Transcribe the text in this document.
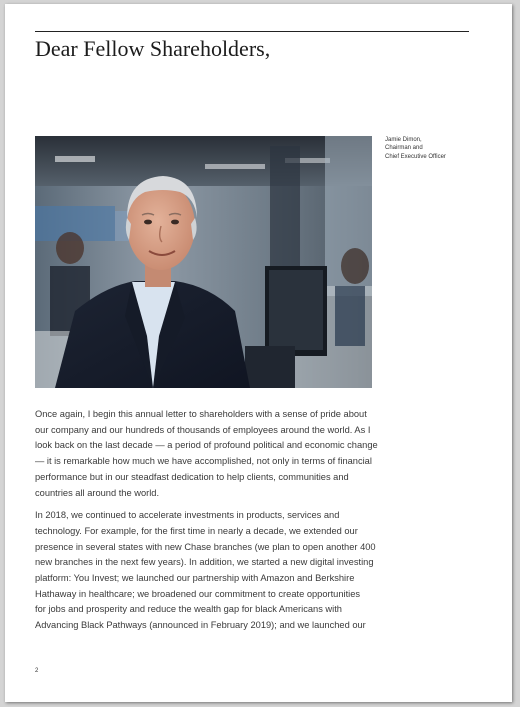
Dear Fellow Shareholders,
Jamie Dimon,
Chairman and
Chief Executive Officer

Once again, I begin this annual letter to shareholders with a sense of pride about
our company and our hundreds of thousands of employees around the world. As I
look back on the last decade — a period of profound political and economic change
— it is remarkable how much we have accomplished, not only in terms of financial
performance but in our steadfast dedication to help clients, communities and
countries all around the world.

In 2018, we continued to accelerate investments in products, services and
technology. For example, for the first time in nearly a decade, we extended our
presence in several states with new Chase branches (we plan to open another 400
new branches in the next few years). In addition, we started a new digital investing
platform: You Invest; we launched our partnership with Amazon and Berkshire
Hathaway in healthcare; we broadened our commitment to create opportunities
for jobs and prosperity and reduce the wealth gap for black Americans with
Advancing Black Pathways (announced in February 2019); and we launched our

2
